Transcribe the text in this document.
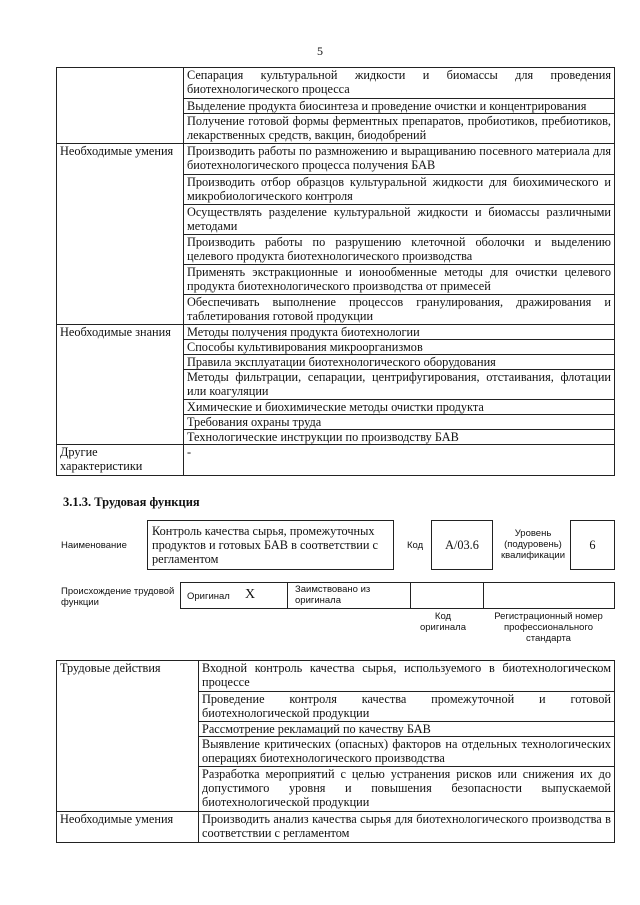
5
	Сепарация культуральной жидкости и биомассы для проведения биотехнологического процесса
	Выделение продукта биосинтеза и проведение очистки и концентрирования
	Получение готовой формы ферментных препаратов, пробиотиков, пребиотиков, лекарственных средств, вакцин, биодобрений
Необходимые умения	Производить работы по размножению и выращиванию посевного материала для биотехнологического процесса получения БАВ
	Производить отбор образцов культуральной жидкости для биохимического и микробиологического контроля
	Осуществлять разделение культуральной жидкости и биомассы различными методами
	Производить работы по разрушению клеточной оболочки и выделению целевого продукта биотехнологического производства
	Применять экстракционные и ионообменные методы для очистки целевого продукта биотехнологического производства от примесей
	Обеспечивать выполнение процессов гранулирования, дражирования и таблетирования готовой продукции
Необходимые знания	Методы получения продукта биотехнологии
	Способы культивирования микроорганизмов
	Правила эксплуатации биотехнологического оборудования
	Методы фильтрации, сепарации, центрифугирования, отстаивания, флотации или коагуляции
	Химические и биохимические методы очистки продукта
	Требования охраны труда
	Технологические инструкции по производству БАВ
Другие характеристики	-
3.1.3. Трудовая функция
Наименование
Контроль качества сырья, промежуточных продуктов и готовых БАВ в соответствии с регламентом
Код	A/03.6
Уровень (подуровень) квалификации
6
Происхождение трудовой функции
Оригинал X	Заимствовано из оригинала
Код оригинала
Регистрационный номер профессионального стандарта
Трудовые действия	Входной контроль качества сырья, используемого в биотехнологическом процессе
	Проведение контроля качества промежуточной и готовой биотехнологической продукции
	Рассмотрение рекламаций по качеству БАВ
	Выявление критических (опасных) факторов на отдельных технологических операциях биотехнологического производства
	Разработка мероприятий с целью устранения рисков или снижения их до допустимого уровня и повышения безопасности выпускаемой биотехнологической продукции
Необходимые умения	Производить анализ качества сырья для биотехнологического производства в соответствии с регламентом
